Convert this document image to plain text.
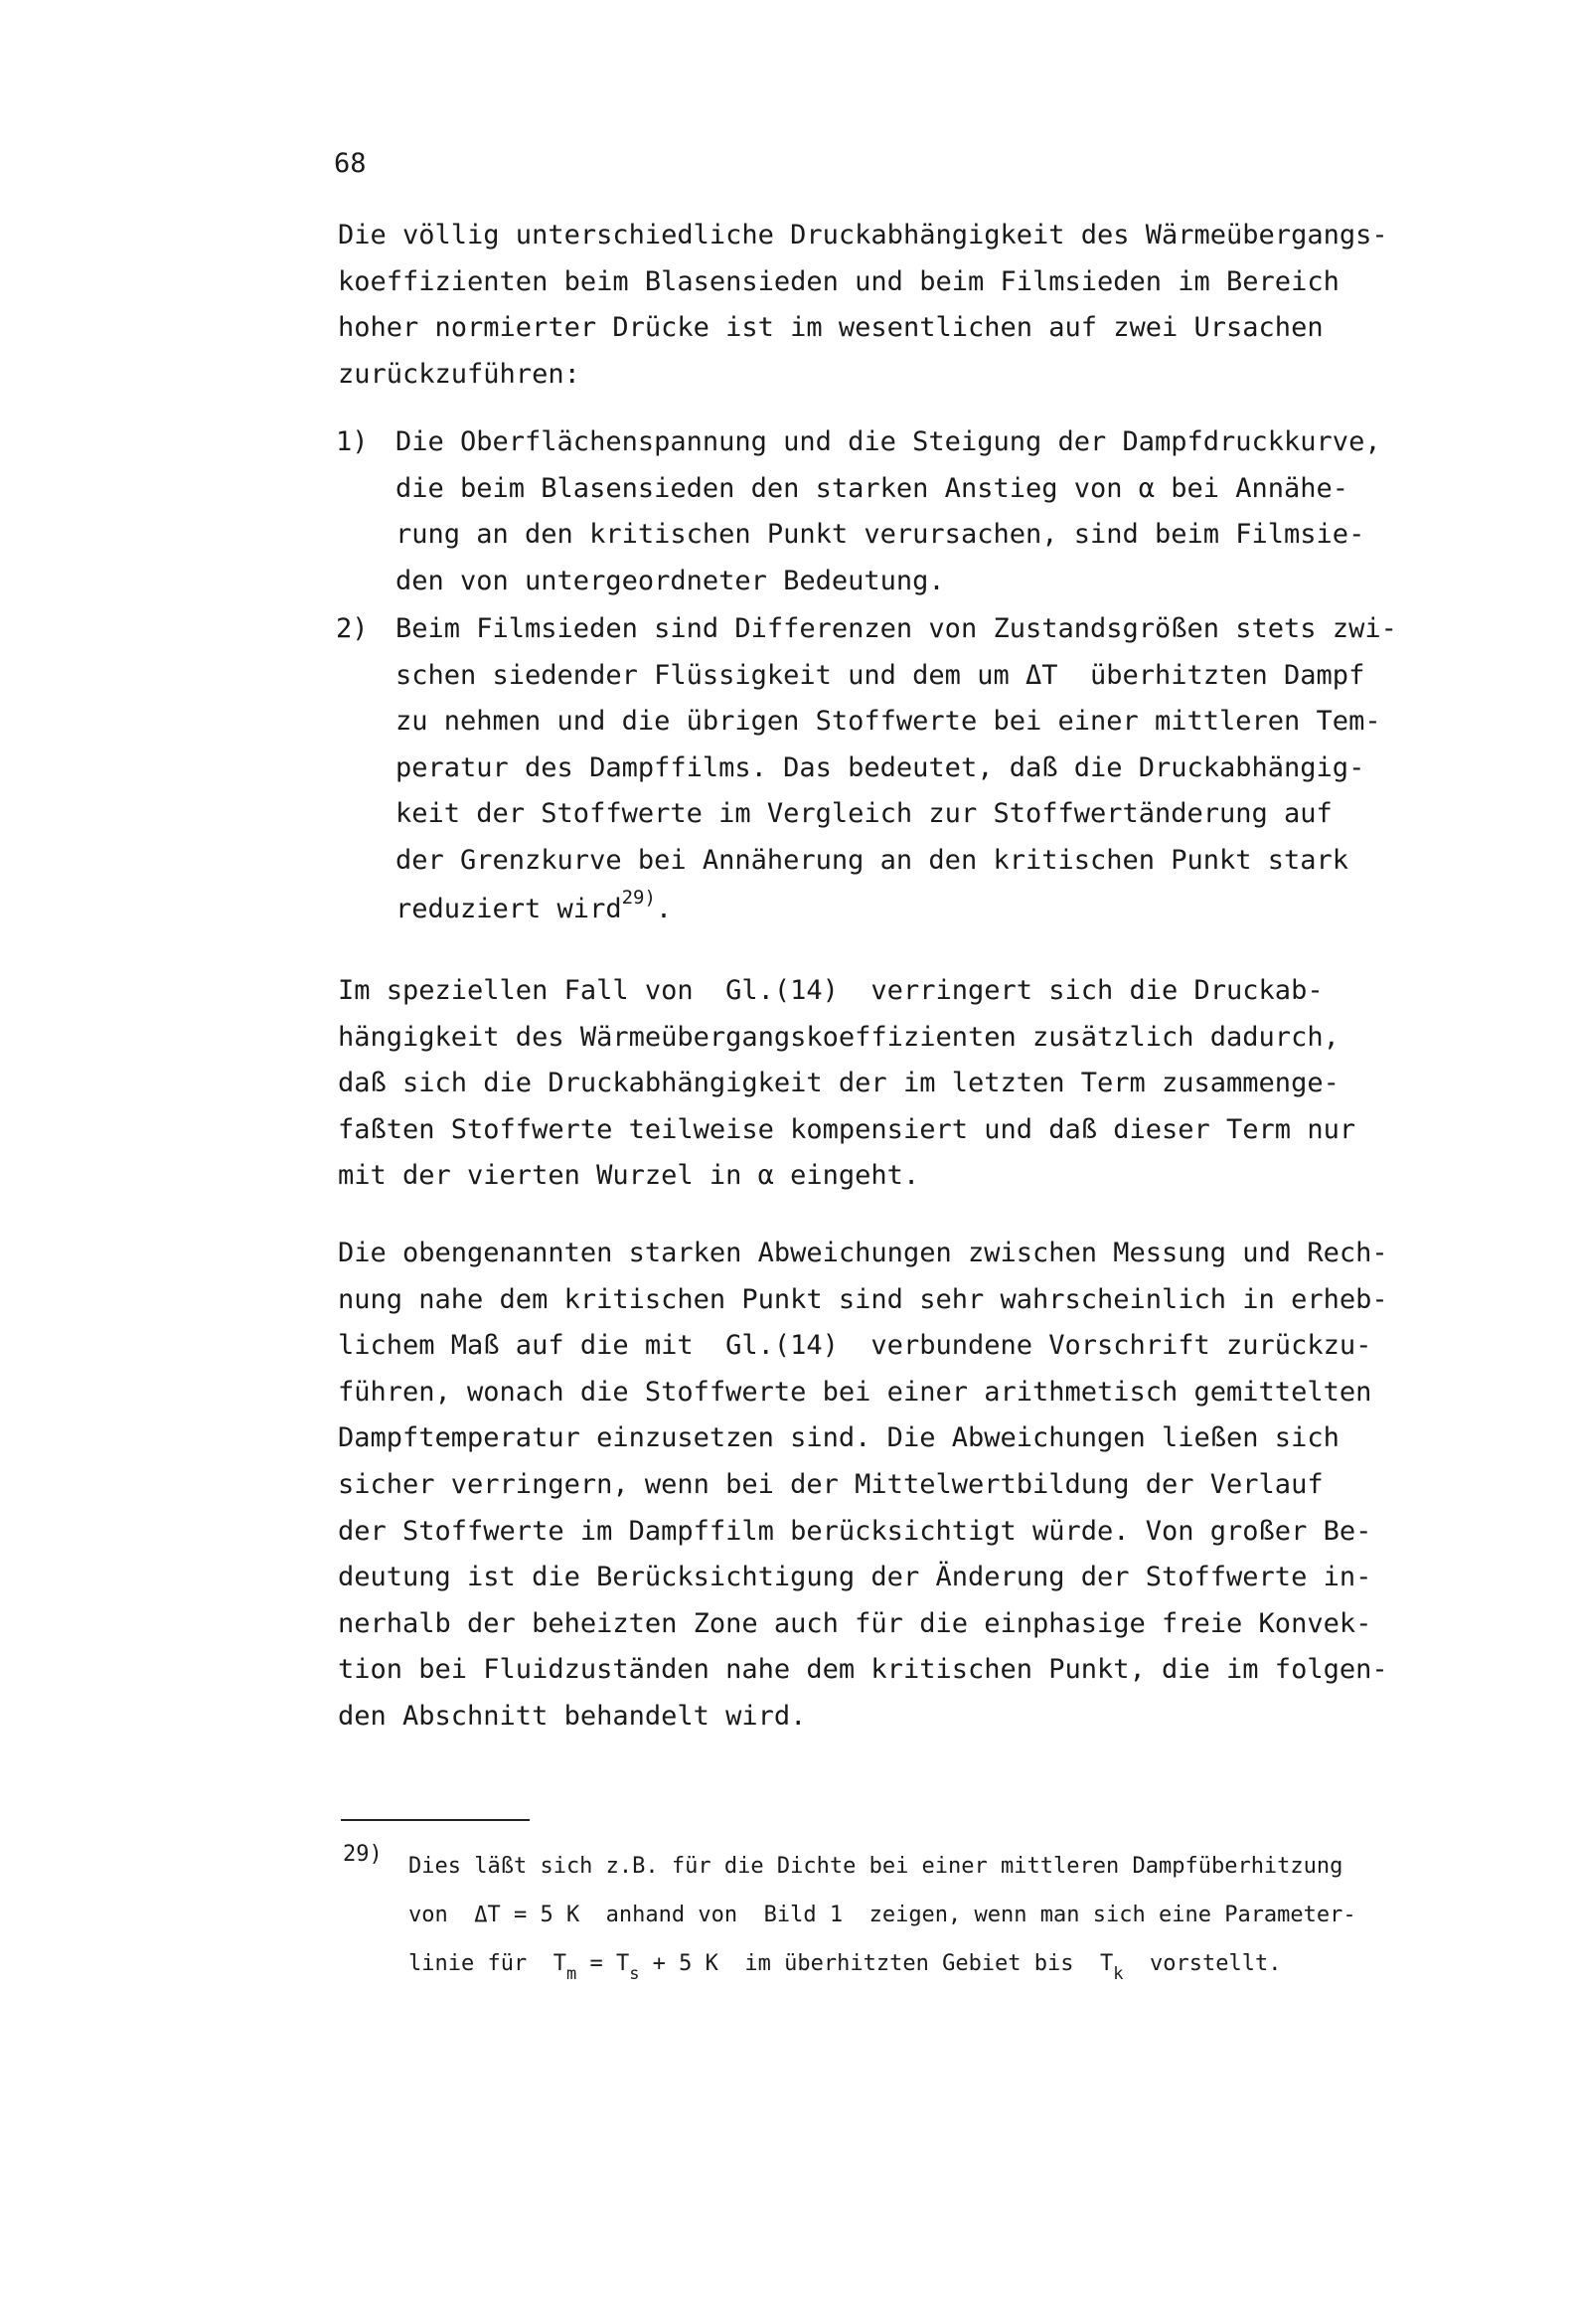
68
Die völlig unterschiedliche Druckabhängigkeit des Wärmeübergangs-
koeffizienten beim Blasensieden und beim Filmsieden im Bereich
hoher normierter Drücke ist im wesentlichen auf zwei Ursachen
zurückzuführen:
1) Die Oberflächenspannung und die Steigung der Dampfdruckkurve,
die beim Blasensieden den starken Anstieg von α bei Annähe-
rung an den kritischen Punkt verursachen, sind beim Filmsie-
den von untergeordneter Bedeutung.
2) Beim Filmsieden sind Differenzen von Zustandsgrößen stets zwi-
schen siedender Flüssigkeit und dem um ΔT  überhitzten Dampf
zu nehmen und die übrigen Stoffwerte bei einer mittleren Tem-
peratur des Dampffilms. Das bedeutet, daß die Druckabhängig-
keit der Stoffwerte im Vergleich zur Stoffwertänderung auf
der Grenzkurve bei Annäherung an den kritischen Punkt stark
reduziert wird$^{29)}$.
Im speziellen Fall von  Gl.(14)  verringert sich die Druckab-
hängigkeit des Wärmeübergangskoeffizienten zusätzlich dadurch,
daß sich die Druckabhängigkeit der im letzten Term zusammenge-
faßten Stoffwerte teilweise kompensiert und daß dieser Term nur
mit der vierten Wurzel in α eingeht.
Die obengenannten starken Abweichungen zwischen Messung und Rech-
nung nahe dem kritischen Punkt sind sehr wahrscheinlich in erheb-
lichem Maß auf die mit  Gl.(14)  verbundene Vorschrift zurückzu-
führen, wonach die Stoffwerte bei einer arithmetisch gemittelten
Dampftemperatur einzusetzen sind. Die Abweichungen ließen sich
sicher verringern, wenn bei der Mittelwertbildung der Verlauf
der Stoffwerte im Dampffilm berücksichtigt würde. Von großer Be-
deutung ist die Berücksichtigung der Änderung der Stoffwerte in-
nerhalb der beheizten Zone auch für die einphasige freie Konvek-
tion bei Fluidzuständen nahe dem kritischen Punkt, die im folgen-
den Abschnitt behandelt wird.
29) Dies läßt sich z.B. für die Dichte bei einer mittleren Dampfüberhitzung
von  ΔT = 5 K  anhand von  Bild 1  zeigen, wenn man sich eine Parameter-
linie für  $T_m = T_s + 5$ K  im überhitzten Gebiet bis  $T_k$  vorstellt.
